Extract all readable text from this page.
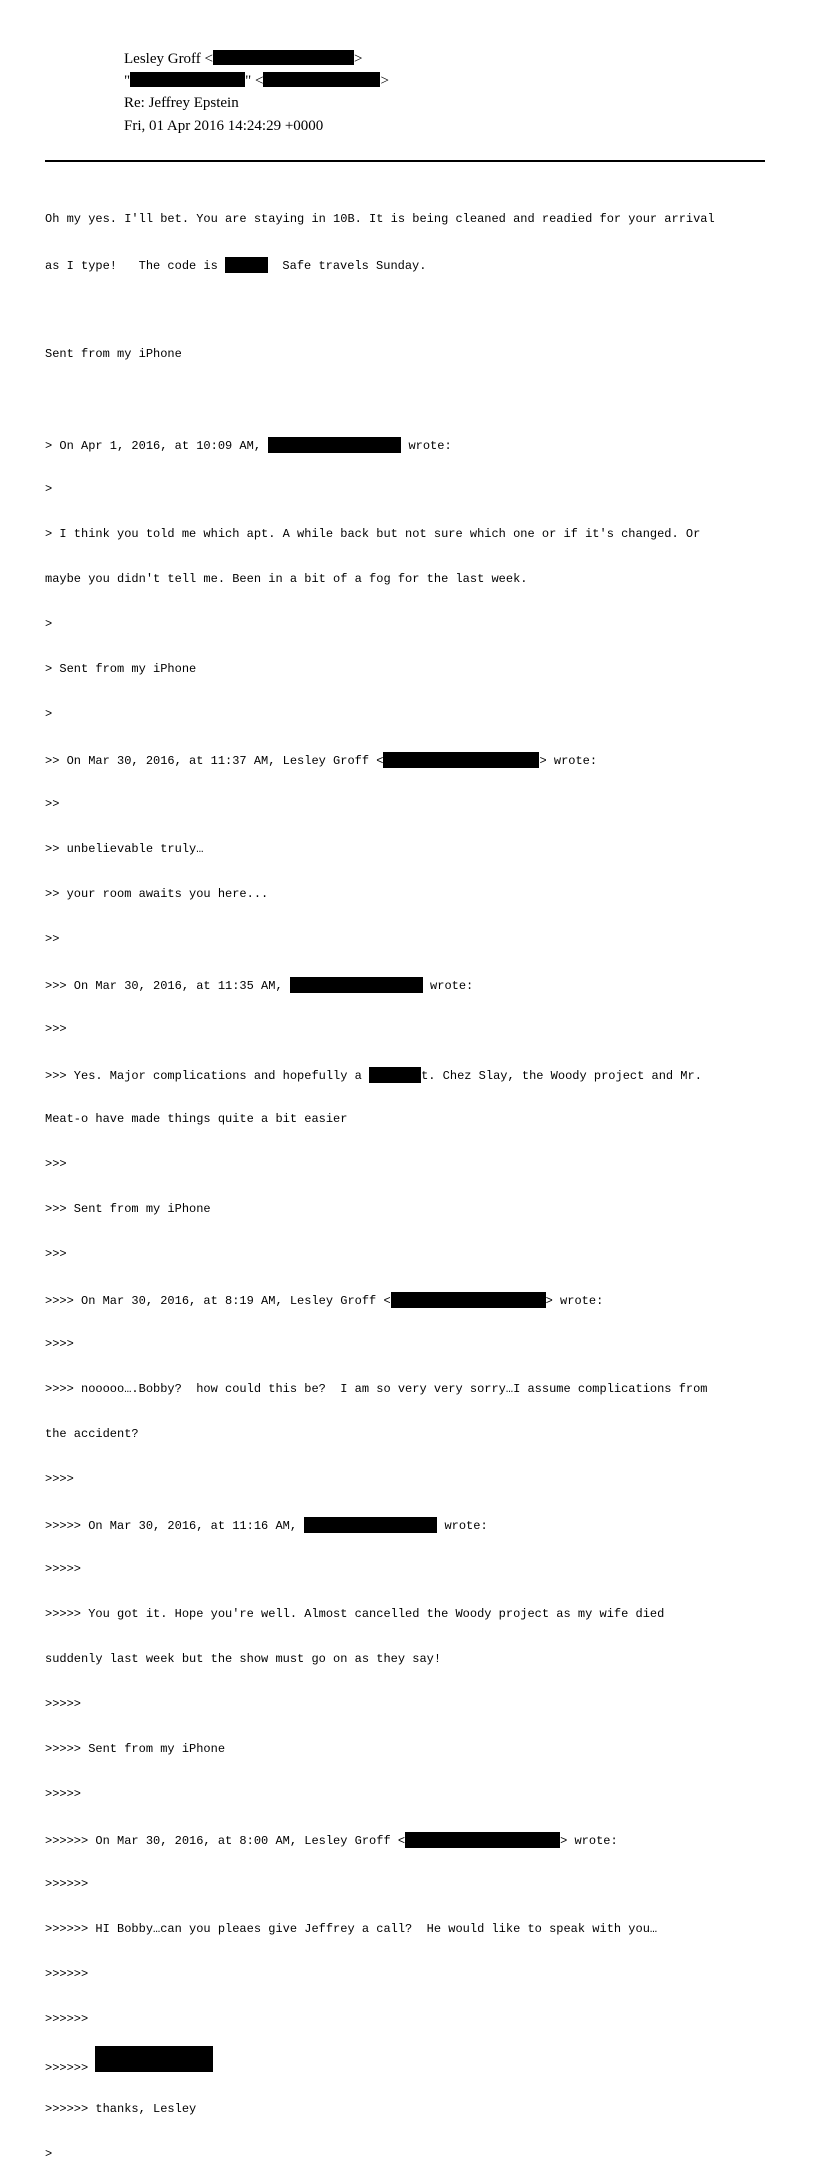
Lesley Groff <	>
"	" <	>
Re: Jeffrey Epstein
Fri, 01 Apr 2016 14:24:29 +0000

Oh my yes. I'll bet. You are staying in 10B. It is being cleaned and readied for your arrival

as I type!   The code is	Safe travels Sunday.

Sent from my iPhone

> On Apr 1, 2016, at 10:09 AM,	wrote:

>

> I think you told me which apt. A while back but not sure which one or if it's changed. Or

maybe you didn't tell me. Been in a bit of a fog for the last week.

>

> Sent from my iPhone

>

>> On Mar 30, 2016, at 11:37 AM, Lesley Groff <	> wrote:

>>

>> unbelievable truly…

>> your room awaits you here...

>>

>>> On Mar 30, 2016, at 11:35 AM,	wrote:

>>>

>>> Yes. Major complications and hopefully a	t. Chez Slay, the Woody project and Mr.

Meat-o have made things quite a bit easier

>>>

>>> Sent from my iPhone

>>>

>>>> On Mar 30, 2016, at 8:19 AM, Lesley Groff <	> wrote:

>>>>

>>>> nooooo….Bobby?  how could this be?  I am so very very sorry…I assume complications from

the accident?

>>>>

>>>>> On Mar 30, 2016, at 11:16 AM,	wrote:

>>>>>

>>>>> You got it. Hope you're well. Almost cancelled the Woody project as my wife died

suddenly last week but the show must go on as they say!

>>>>>

>>>>> Sent from my iPhone

>>>>>

>>>>>> On Mar 30, 2016, at 8:00 AM, Lesley Groff <	> wrote:

>>>>>>

>>>>>> HI Bobby…can you pleaes give Jeffrey a call?  He would like to speak with you…

>>>>>>

>>>>>>

>>>>>>

>>>>>> thanks, Lesley

>
